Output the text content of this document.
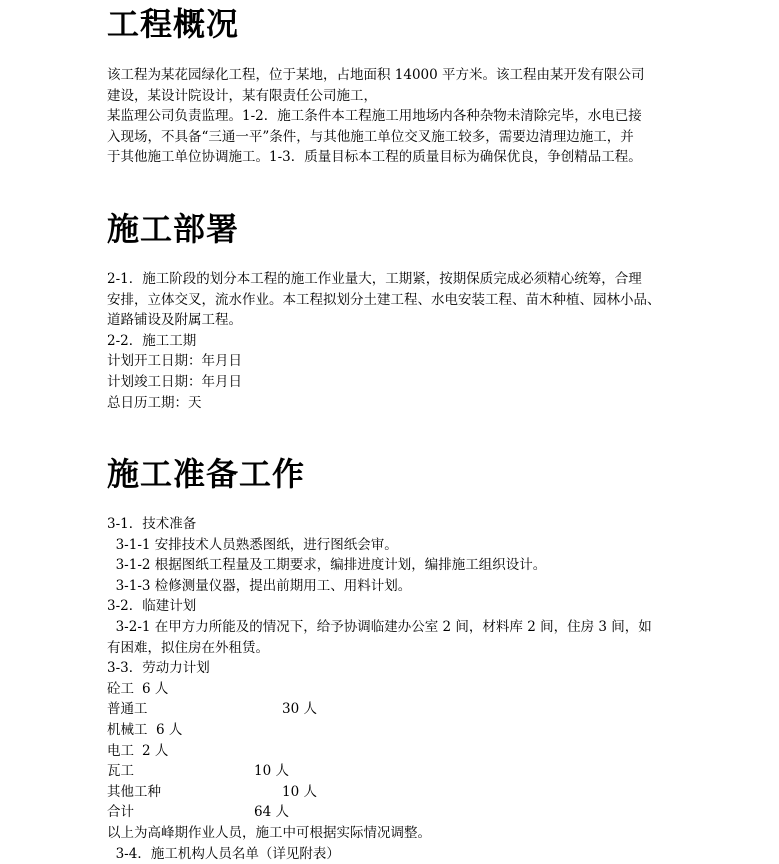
工程概况
该工程为某花园绿化工程，位于某地，占地面积 14000 平方米。该工程由某开发有限公司
建设，某设计院设计，某有限责任公司施工，
某监理公司负责监理。1-2．施工条件本工程施工用地场内各种杂物未清除完毕，水电已接
入现场，不具备“三通一平”条件，与其他施工单位交叉施工较多，需要边清理边施工，并
于其他施工单位协调施工。1-3．质量目标本工程的质量目标为确保优良，争创精品工程。
施工部署
2-1．施工阶段的划分本工程的施工作业量大，工期紧，按期保质完成必须精心统筹，合理
安排，立体交叉，流水作业。本工程拟划分土建工程、水电安装工程、苗木种植、园林小品、
道路铺设及附属工程。
2-2．施工工期
计划开工日期：年月日
计划竣工日期：年月日
总日历工期：天
施工准备工作
3-1．技术准备
3-1-1 安排技术人员熟悉图纸，进行图纸会审。
3-1-2 根据图纸工程量及工期要求，编排进度计划，编排施工组织设计。
3-1-3 检修测量仪器，提出前期用工、用料计划。
3-2．临建计划
3-2-1 在甲方力所能及的情况下，给予协调临建办公室 2 间，材料库 2 间，住房 3 间，如
有困难，拟住房在外租赁。
3-3．劳动力计划
砼工 6 人
普通工	30 人
机械工 6 人
电工 2 人
瓦工	10 人
其他工种	10 人
合计	64 人
以上为高峰期作业人员，施工中可根据实际情况调整。
3-4．施工机构人员名单（详见附表）
